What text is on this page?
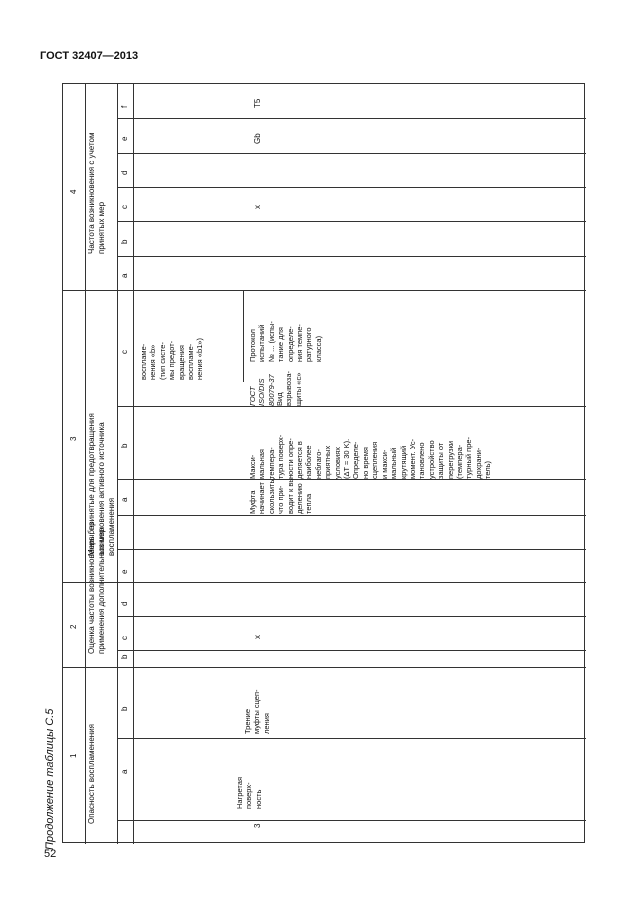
ГОСТ 32407—2013
52
Продолжение таблицы С.5
4
3
2
1
Частота возникновения с учетом
принятых мер
Меры, принятые для предотвращения
возникновения активного источника
воспламенения
Оценка частоты возникновения без
применения дополнительных мер
Опасность воспламенения
f
e
d
c
b
a
c
b
a
e
d
c
b
b
a
воспламе-
нения «b»
(тип систе-
мы предот-
вращения
воспламе-
нения «b1»)
3
Нагретая
поверх-
ность
Трение
муфты сцеп-
ления
х
Муфта
начинает
скользить,
что при-
водит к вы-
делению
тепла
Макси-
мальная
темпера-
тура поверх-
ности опре-
деляется в
наиболее
неблаго-
приятных
условиях
(ΔT ≈ 30 K).
Определе-
но время
сцепления
и макси-
мальный
крутящий
момент. Ус-
тановлено
устройство
защиты от
перегрузки
(темпера-
турный пре-
дохрани-
тель)
ГОСТ
ISO/DIS
80079-37 Вид
взрывоза-
щиты «с»
Протокол
испытаний
№ ... (испы-
тание для
определе-
ния темпе-
ратурного
класса)
х
Gb
T5
